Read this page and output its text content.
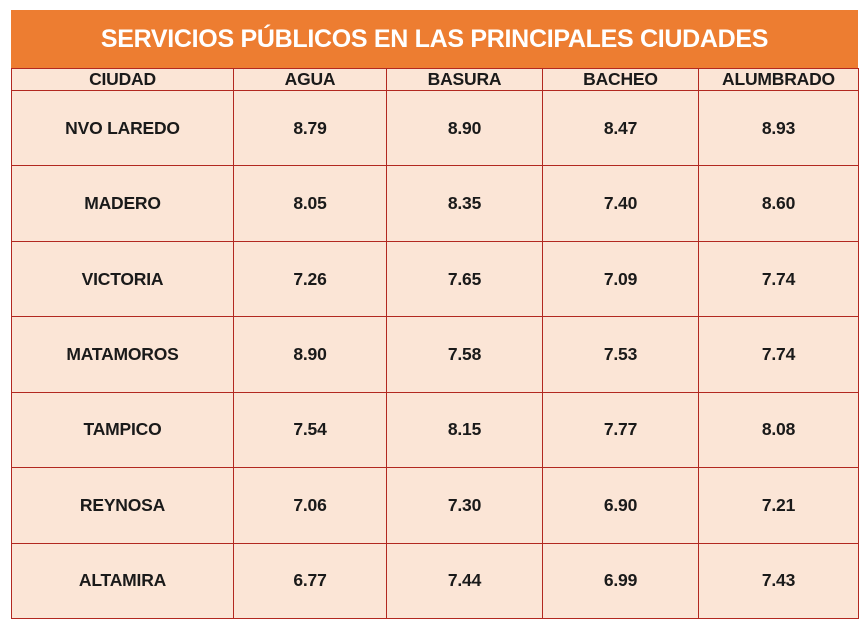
SERVICIOS PÚBLICOS EN LAS PRINCIPALES CIUDADES
CIUDAD	AGUA	BASURA	BACHEO	ALUMBRADO
NVO LAREDO	8.79	8.90	8.47	8.93
MADERO	8.05	8.35	7.40	8.60
VICTORIA	7.26	7.65	7.09	7.74
MATAMOROS	8.90	7.58	7.53	7.74
TAMPICO	7.54	8.15	7.77	8.08
REYNOSA	7.06	7.30	6.90	7.21
ALTAMIRA	6.77	7.44	6.99	7.43
